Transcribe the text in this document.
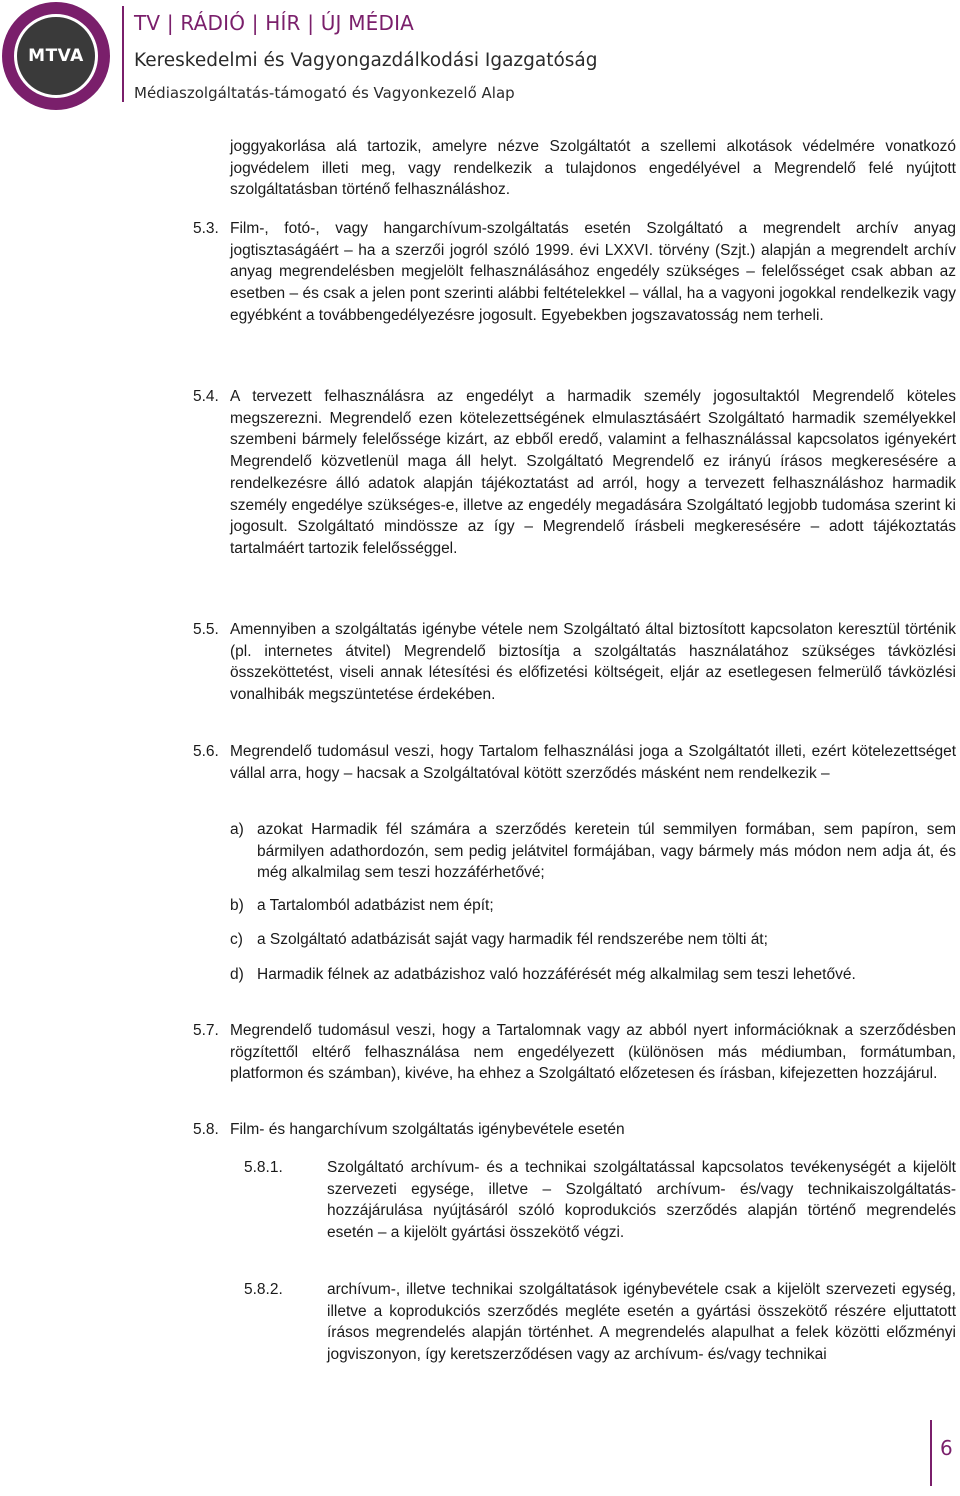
MTVA
TV | RÁDIÓ | HÍR | ÚJ MÉDIA
Kereskedelmi és Vagyongazdálkodási Igazgatóság
Médiaszolgáltatás-támogató és Vagyonkezelő Alap
joggyakorlása alá tartozik, amelyre nézve Szolgáltatót a szellemi alkotások védelmére vonatkozó jogvédelem illeti meg, vagy rendelkezik a tulajdonos engedélyével a Megrendelő felé nyújtott szolgáltatásban történő felhasználáshoz.
5.3. Film-, fotó-, vagy hangarchívum-szolgáltatás esetén Szolgáltató a megrendelt archív anyag jogtisztaságáért – ha a szerzői jogról szóló 1999. évi LXXVI. törvény (Szjt.) alapján a megrendelt archív anyag megrendelésben megjelölt felhasználásához engedély szükséges – felelősséget csak abban az esetben – és csak a jelen pont szerinti alábbi feltételekkel – vállal, ha a vagyoni jogokkal rendelkezik vagy egyébként a továbbengedélyezésre jogosult. Egyebekben jogszavatosság nem terheli.
5.4. A tervezett felhasználásra az engedélyt a harmadik személy jogosultaktól Megrendelő köteles megszerezni. Megrendelő ezen kötelezettségének elmulasztásáért Szolgáltató harmadik személyekkel szembeni bármely felelőssége kizárt, az ebből eredő, valamint a felhasználással kapcsolatos igényekért Megrendelő közvetlenül maga áll helyt. Szolgáltató Megrendelő ez irányú írásos megkeresésére a rendelkezésre álló adatok alapján tájékoztatást ad arról, hogy a tervezett felhasználáshoz harmadik személy engedélye szükséges-e, illetve az engedély megadására Szolgáltató legjobb tudomása szerint ki jogosult. Szolgáltató mindössze az így – Megrendelő írásbeli megkeresésére – adott tájékoztatás tartalmáért tartozik felelősséggel.
5.5. Amennyiben a szolgáltatás igénybe vétele nem Szolgáltató által biztosított kapcsolaton keresztül történik (pl. internetes átvitel) Megrendelő biztosítja a szolgáltatás használatához szükséges távközlési összeköttetést, viseli annak létesítési és előfizetési költségeit, eljár az esetlegesen felmerülő távközlési vonalhibák megszüntetése érdekében.
5.6. Megrendelő tudomásul veszi, hogy Tartalom felhasználási joga a Szolgáltatót illeti, ezért kötelezettséget vállal arra, hogy – hacsak a Szolgáltatóval kötött szerződés másként nem rendelkezik –
a) azokat Harmadik fél számára a szerződés keretein túl semmilyen formában, sem papíron, sem bármilyen adathordozón, sem pedig jelátvitel formájában, vagy bármely más módon nem adja át, és még alkalmilag sem teszi hozzáférhetővé;
b) a Tartalomból adatbázist nem épít;
c) a Szolgáltató adatbázisát saját vagy harmadik fél rendszerébe nem tölti át;
d) Harmadik félnek az adatbázishoz való hozzáférését még alkalmilag sem teszi lehetővé.
5.7. Megrendelő tudomásul veszi, hogy a Tartalomnak vagy az abból nyert információknak a szerződésben rögzítettől eltérő felhasználása nem engedélyezett (különösen más médiumban, formátumban, platformon és számban), kivéve, ha ehhez a Szolgáltató előzetesen és írásban, kifejezetten hozzájárul.
5.8. Film- és hangarchívum szolgáltatás igénybevétele esetén
5.8.1.	Szolgáltató archívum- és a technikai szolgáltatással kapcsolatos tevékenységét a kijelölt szervezeti egysége, illetve – Szolgáltató archívum- és/vagy technikaiszolgáltatás-hozzájárulása nyújtásáról szóló koprodukciós szerződés alapján történő megrendelés esetén – a kijelölt gyártási összekötő végzi.
5.8.2.	archívum-, illetve technikai szolgáltatások igénybevétele csak a kijelölt szervezeti egység, illetve a koprodukciós szerződés megléte esetén a gyártási összekötő részére eljuttatott írásos megrendelés alapján történhet. A megrendelés alapulhat a felek közötti előzményi jogviszonyon, így keretszerződésen vagy az archívum- és/vagy technikai
6
